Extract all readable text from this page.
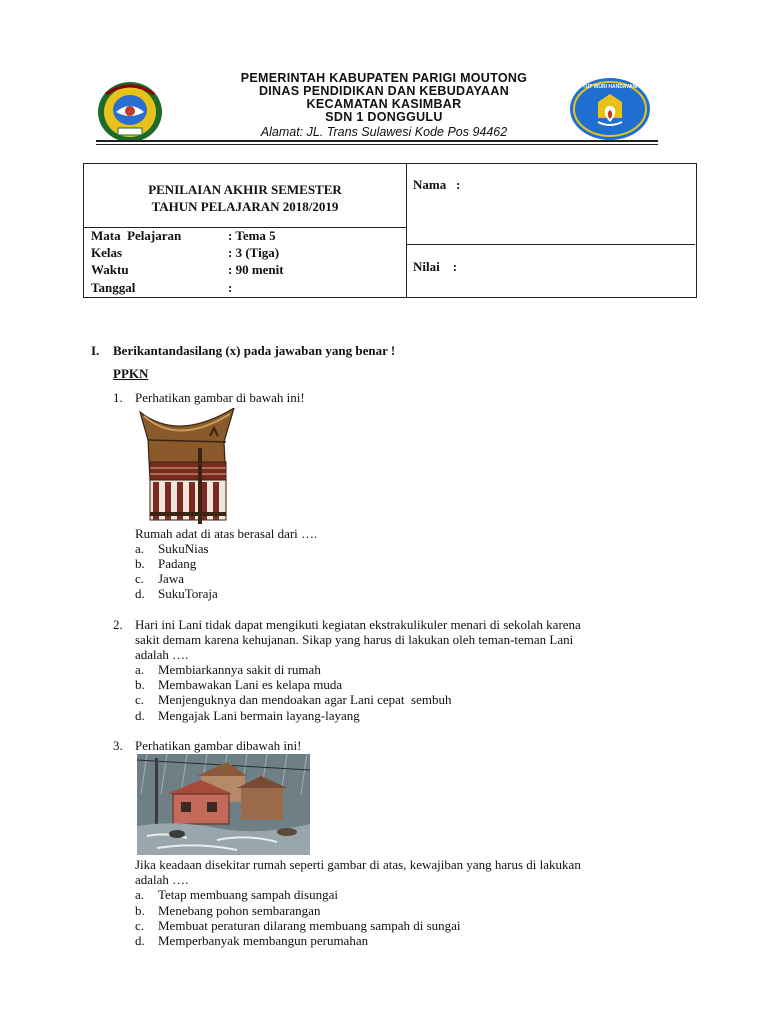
PEMERINTAH KABUPATEN PARIGI MOUTONG
DINAS PENDIDIKAN DAN KEBUDAYAAN
KECAMATAN KASIMBAR
SDN 1 DONGGULU
Alamat: JL. Trans Sulawesi Kode Pos 94462
TUT WURI HANDAYANI
PENILAIAN AKHIR SEMESTER
TAHUN PELAJARAN 2018/2019
Mata  Pelajaran	: Tema 5
Kelas	: 3 (Tiga)
Waktu	: 90 menit
Tanggal	:
Nama   :
Nilai    :
I. Berikantandasilang (x) pada jawaban yang benar !
PPKN
1. Perhatikan gambar di bawah ini!
Rumah adat di atas berasal dari ….
a. SukuNias
b. Padang
c. Jawa
d. SukuToraja
2. Hari ini Lani tidak dapat mengikuti kegiatan ekstrakulikuler menari di sekolah karena
sakit demam karena kehujanan. Sikap yang harus di lakukan oleh teman-teman Lani
adalah ….
a. Membiarkannya sakit di rumah
b. Membawakan Lani es kelapa muda
c. Menjenguknya dan mendoakan agar Lani cepat  sembuh
d. Mengajak Lani bermain layang-layang
3. Perhatikan gambar dibawah ini!
Jika keadaan disekitar rumah seperti gambar di atas, kewajiban yang harus di lakukan
adalah ….
a. Tetap membuang sampah disungai
b. Menebang pohon sembarangan
c. Membuat peraturan dilarang membuang sampah di sungai
d. Memperbanyak membangun perumahan
